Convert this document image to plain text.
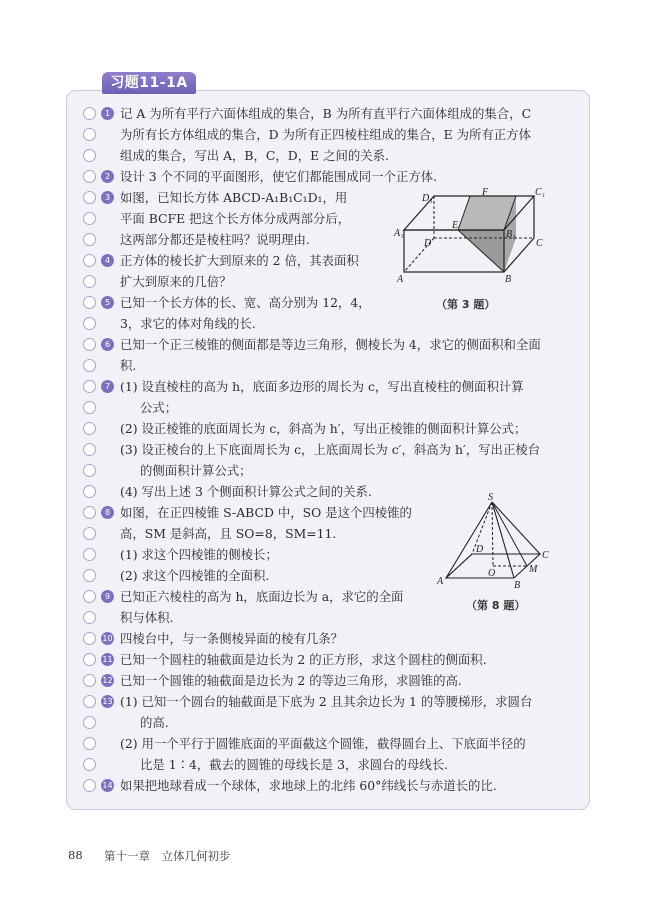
习题11-1A
1 记 A 为所有平行六面体组成的集合，B 为所有直平行六面体组成的集合，C
为所有长方体组成的集合，D 为所有正四棱柱组成的集合，E 为所有正方体
组成的集合，写出 A，B，C，D，E 之间的关系.
2 设计 3 个不同的平面图形，使它们都能围成同一个正方体.
3 如图，已知长方体 ABCD-A₁B₁C₁D₁，用
平面 BCFE 把这个长方体分成两部分后，
这两部分都还是棱柱吗？说明理由.
4 正方体的棱长扩大到原来的 2 倍，其表面积
扩大到原来的几倍？
5 已知一个长方体的长、宽、高分别为 12，4，
3，求它的体对角线的长.
D₁
F	C₁
A₁
E
B₁
D	C
A	B
（第 3 题）
6 已知一个正三棱锥的侧面都是等边三角形，侧棱长为 4，求它的侧面积和全面
积.
7 (1) 设直棱柱的高为 h，底面多边形的周长为 c，写出直棱柱的侧面积计算
公式；
(2) 设正棱锥的底面周长为 c，斜高为 h′，写出正棱锥的侧面积计算公式；
(3) 设正棱台的上下底面周长为 c，上底面周长为 c′，斜高为 h′，写出正棱台
的侧面积计算公式；
(4) 写出上述 3 个侧面积计算公式之间的关系.
8 如图，在正四棱锥 S-ABCD 中，SO 是这个四棱锥的
高，SM 是斜高，且 SO=8，SM=11.
(1) 求这个四棱锥的侧棱长；
(2) 求这个四棱锥的全面积.
S
D
C
O	M
A	B
（第 8 题）
9 已知正六棱柱的高为 h，底面边长为 a，求它的全面
积与体积.
10 四棱台中，与一条侧棱异面的棱有几条？
11 已知一个圆柱的轴截面是边长为 2 的正方形，求这个圆柱的侧面积.
12 已知一个圆锥的轴截面是边长为 2 的等边三角形，求圆锥的高.
13 (1) 已知一个圆台的轴截面是下底为 2 且其余边长为 1 的等腰梯形，求圆台
的高.
(2) 用一个平行于圆锥底面的平面截这个圆锥，截得圆台上、下底面半径的
比是 1∶4，截去的圆锥的母线长是 3，求圆台的母线长.
14 如果把地球看成一个球体，求地球上的北纬 60°纬线长与赤道长的比.
88 第十一章　立体几何初步
